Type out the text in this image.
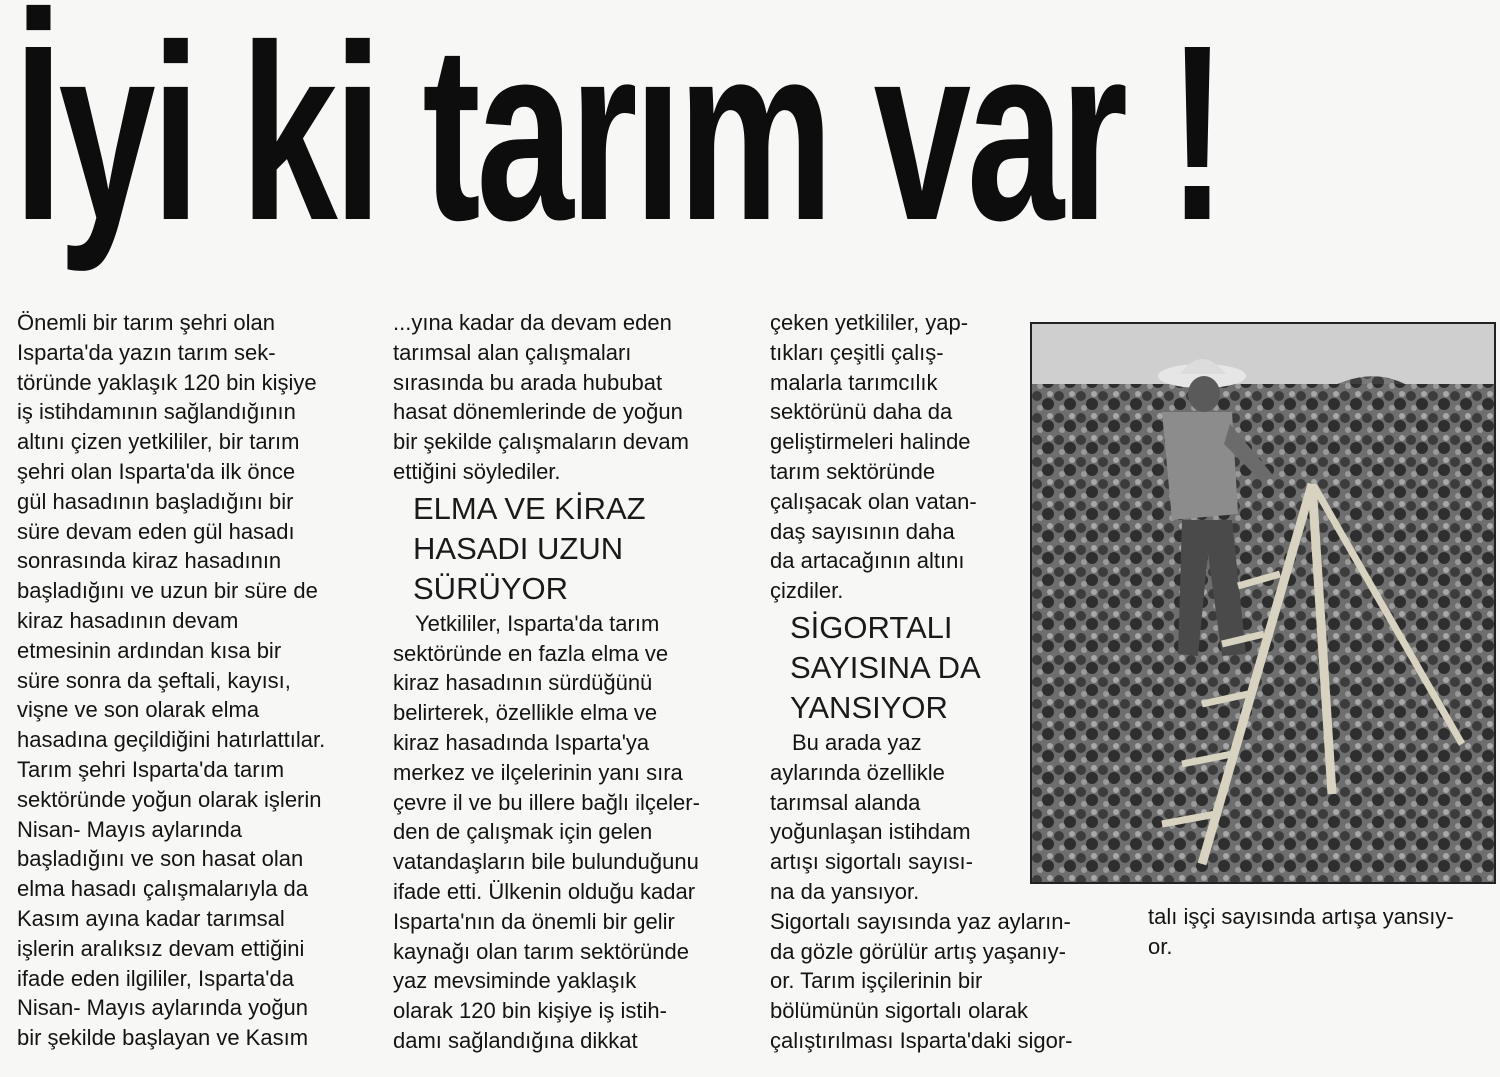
İyi ki tarım var !

Önemli bir tarım şehri olan
Isparta'da yazın tarım sek-
töründe yaklaşık 120 bin kişiye
iş istihdamının sağlandığının
altını çizen yetkililer, bir tarım
şehri olan Isparta'da ilk önce
gül hasadının başladığını bir
süre devam eden gül hasadı
sonrasında kiraz hasadının
başladığını ve uzun bir süre de
kiraz hasadının devam
etmesinin ardından kısa bir
süre sonra da şeftali, kayısı,
vişne ve son olarak elma
hasadına geçildiğini hatırlattılar.
Tarım şehri Isparta'da tarım
sektöründe yoğun olarak işlerin
Nisan- Mayıs aylarında
başladığını ve son hasat olan
elma hasadı çalışmalarıyla da
Kasım ayına kadar tarımsal
işlerin aralıksız devam ettiğini
ifade eden ilgililer, Isparta'da
Nisan- Mayıs aylarında yoğun
bir şekilde başlayan ve Kasım

...yına kadar da devam eden
tarımsal alan çalışmaları
sırasında bu arada hububat
hasat dönemlerinde de yoğun
bir şekilde çalışmaların devam
ettiğini söylediler.

ELMA VE KİRAZ
HASADI UZUN
SÜRÜYOR

Yetkililer, Isparta'da tarım
sektöründe en fazla elma ve
kiraz hasadının sürdüğünü
belirterek, özellikle elma ve
kiraz hasadında Isparta'ya
merkez ve ilçelerinin yanı sıra
çevre il ve bu illere bağlı ilçeler-
den de çalışmak için gelen
vatandaşların bile bulunduğunu
ifade etti. Ülkenin olduğu kadar
Isparta'nın da önemli bir gelir
kaynağı olan tarım sektöründe
yaz mevsiminde yaklaşık
olarak 120 bin kişiye iş istih-
damı sağlandığına dikkat

çeken yetkililer, yap-
tıkları çeşitli çalış-
malarla tarımcılık
sektörünü daha da
geliştirmeleri halinde
tarım sektöründe
çalışacak olan vatan-
daş sayısının daha
da artacağının altını
çizdiler.

SİGORTALI
SAYISINA DA
YANSIYOR

Bu arada yaz
aylarında özellikle
tarımsal alanda
yoğunlaşan istihdam
artışı sigortalı sayısı-
na da yansıyor.
Sigortalı sayısında yaz ayların-
da gözle görülür artış yaşanıy-
or. Tarım işçilerinin bir
bölümünün sigortalı olarak
çalıştırılması Isparta'daki sigor-

talı işçi sayısında artışa yansıy-
or.
